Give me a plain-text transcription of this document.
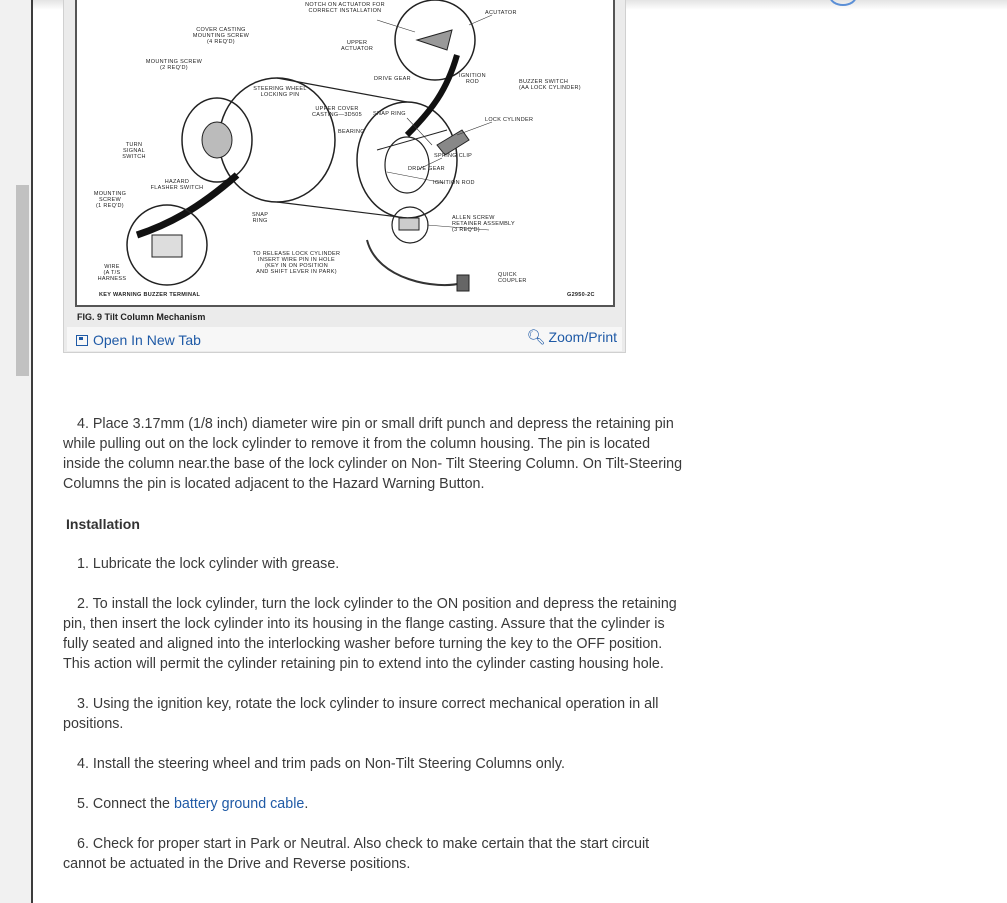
NOTCH ON ACTUATOR FOR
CORRECT INSTALLATION	ACUTATOR
COVER CASTING
MOUNTING SCREW
(4 REQ'D)	UPPER
ACTUATOR
MOUNTING SCREW
(2 REQ'D)
DRIVE GEAR	IGNITION
ROD	BUZZER SWITCH
(AA LOCK CYLINDER)
STEERING WHEEL
LOCKING PIN
UPPER COVER
CASTING—3D505	SNAP RING
LOCK CYLINDER
BEARING
TURN
SIGNAL
SWITCH	SPRING CLIP
DRIVE GEAR
HAZARD
FLASHER SWITCH
IGNITION ROD
MOUNTING
SCREW
(1 REQ'D)
SNAP
RING	ALLEN SCREW
RETAINER ASSEMBLY
(3 REQ'D)
TO RELEASE LOCK CYLINDER
INSERT WIRE PIN IN HOLE
(KEY IN ON POSITION
AND SHIFT LEVER IN PARK)
WIRE
(A T/S
HARNESS
QUICK
COUPLER
KEY WARNING BUZZER TERMINAL	G2950-2C
FIG. 9 Tilt Column Mechanism
Open In New Tab	🔍︎ Zoom/Print

4. Place 3.17mm (1/8 inch) diameter wire pin or small drift punch and depress the retaining pin while pulling out on the lock cylinder to remove it from the column housing. The pin is located inside the column near.the base of the lock cylinder on Non- Tilt Steering Column. On Tilt-Steering Columns the pin is located adjacent to the Hazard Warning Button.

Installation

1. Lubricate the lock cylinder with grease.

2. To install the lock cylinder, turn the lock cylinder to the ON position and depress the retaining pin, then insert the lock cylinder into its housing in the flange casting. Assure that the cylinder is fully seated and aligned into the interlocking washer before turning the key to the OFF position. This action will permit the cylinder retaining pin to extend into the cylinder casting housing hole.

3. Using the ignition key, rotate the lock cylinder to insure correct mechanical operation in all positions.

4. Install the steering wheel and trim pads on Non-Tilt Steering Columns only.

5. Connect the battery ground cable.

6. Check for proper start in Park or Neutral. Also check to make certain that the start circuit cannot be actuated in the Drive and Reverse positions.
